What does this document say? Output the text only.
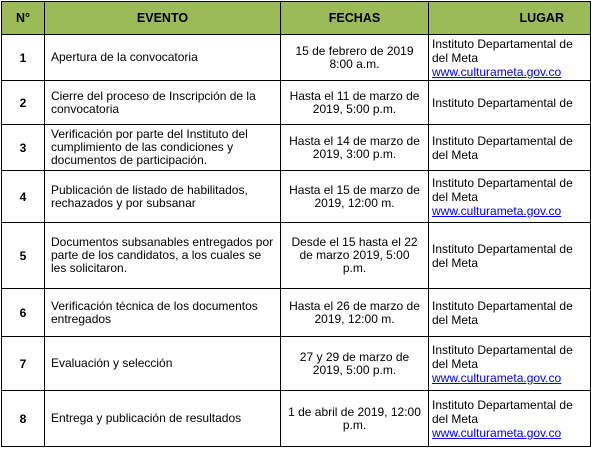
N°	EVENTO	FECHAS	LUGAR
1	Apertura de la convocatoria	15 de febrero de 2019 8:00 a.m.	Instituto Departamental de
del Meta
www.culturameta.gov.co

2	Cierre del proceso de Inscripción de la convocatoria	Hasta el 11 de marzo de 2019, 5:00 p.m.	Instituto Departamental de

3	Verificación por parte del Instituto del cumplimiento de las condiciones y documentos de participación.	Hasta el 14 de marzo de 2019, 3:00 p.m.	Instituto Departamental de
del Meta

4	Publicación de listado de habilitados, rechazados y por subsanar	Hasta el 15 de marzo de 2019, 12:00 m.	Instituto Departamental de
del Meta
www.culturameta.gov.co

5	Documentos subsanables entregados por parte de los candidatos, a los cuales se les solicitaron.	Desde el 15 hasta el 22 de marzo 2019, 5:00 p.m.	Instituto Departamental de
del Meta

6	Verificación técnica de los documentos entregados	Hasta el 26 de marzo de 2019, 12:00 m.	Instituto Departamental de
del Meta

7	Evaluación y selección	27 y 29 de marzo de 2019, 5:00 p.m.	Instituto Departamental de
del Meta
www.culturameta.gov.co

8	Entrega y publicación de resultados	1 de abril de 2019, 12:00 p.m.	Instituto Departamental de
del Meta
www.culturameta.gov.co
